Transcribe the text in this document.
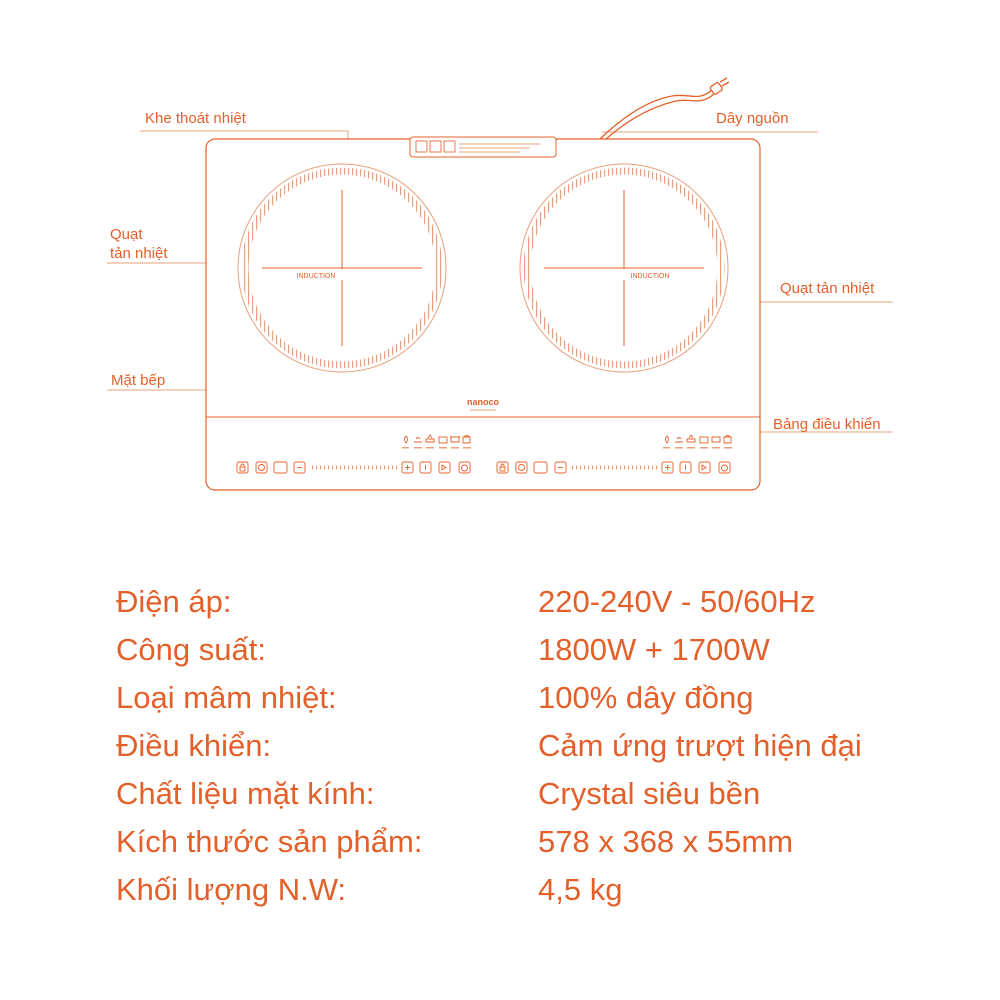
INDUCTION	INDUCTION
nanoco
Khe thoát nhiệt	Dây nguồn
Quạt
tản nhiệt
Quạt tản nhiệt
Mặt bếp
Bảng điều khiển
Điện áp:	220-240V - 50/60Hz
Công suất:	1800W + 1700W
Loại mâm nhiệt:	100% dây đồng
Điều khiển:	Cảm ứng trượt hiện đại
Chất liệu mặt kính:	Crystal siêu bền
Kích thước sản phẩm:	578 x 368 x 55mm
Khối lượng N.W:	4,5 kg
